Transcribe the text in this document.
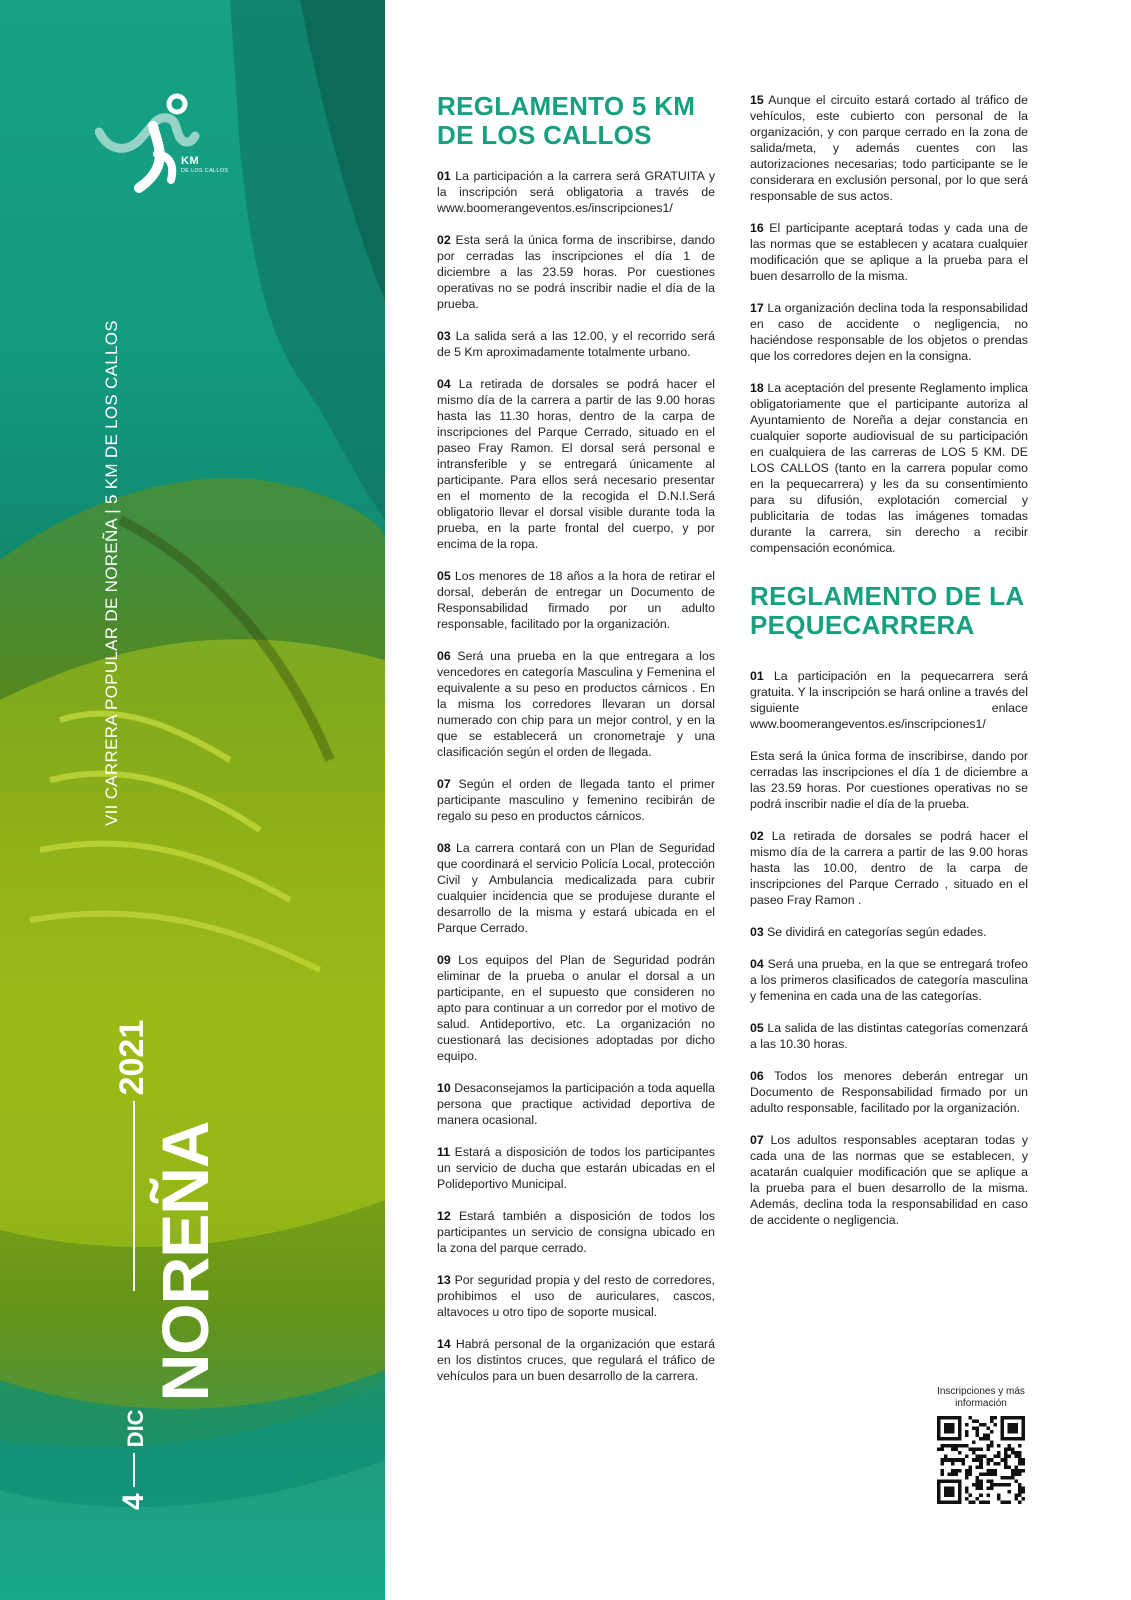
KM
DE LOS CALLOS
VII CARRERA POPULAR DE NOREÑA | 5 KM DE LOS CALLOS
4
DIC
NOREÑA
2021
REGLAMENTO 5 KM DE LOS CALLOS

01 La participación a la carrera será GRATUITA y la inscripción será obligatoria a través de www.boomerangeventos.es/inscripciones1/

02 Esta será la única forma de inscribirse, dando por cerradas las inscripciones el día 1 de diciembre a las 23.59 horas. Por cuestiones operativas no se podrá inscribir nadie el día de la prueba.

03 La salida será a las 12.00, y el recorrido será de 5 Km aproximadamente totalmente urbano.

04 La retirada de dorsales se podrá hacer el mismo día de la carrera a partir de las 9.00 horas hasta las 11.30 horas, dentro de la carpa de inscripciones del Parque Cerrado, situado en el paseo Fray Ramon. El dorsal será personal e intransferible y se entregará únicamente al participante. Para ellos será necesario presentar en el momento de la recogida el D.N.I.Será obligatorio llevar el dorsal visible durante toda la prueba, en la parte frontal del cuerpo, y por encima de la ropa.

05 Los menores de 18 años a la hora de retirar el dorsal, deberán de entregar un Documento de Responsabilidad firmado por un adulto responsable, facilitado por la organización.

06 Será una prueba en la que entregara a los vencedores en categoría Masculina y Femenina el equivalente a su peso en productos cárnicos . En la misma los corredores llevaran un dorsal numerado con chip para un mejor control, y en la que se establecerá un cronometraje y una clasificación según el orden de llegada.

07 Según el orden de llegada tanto el primer participante masculino y femenino recibirán de regalo su peso en productos cárnicos.

08 La carrera contará con un Plan de Seguridad que coordinará el servicio Policía Local, protección Civil y Ambulancia medicalizada para cubrir cualquier incidencia que se produjese durante el desarrollo de la misma y estará ubicada en el Parque Cerrado.

09 Los equipos del Plan de Seguridad podrán eliminar de la prueba o anular el dorsal a un participante, en el supuesto que consideren no apto para continuar a un corredor por el motivo de salud. Antideportivo, etc. La organización no cuestionará las decisiones adoptadas por dicho equipo.

10 Desaconsejamos la participación a toda aquella persona que practique actividad deportiva de manera ocasional.

11 Estará a disposición de todos los participantes un servicio de ducha que estarán ubicadas en el Polideportivo Municipal.

12 Estará también a disposición de todos los participantes un servicio de consigna ubicado en la zona del parque cerrado.

13 Por seguridad propia y del resto de corredores, prohibimos el uso de auriculares, cascos, altavoces u otro tipo de soporte musical.

14 Habrá personal de la organización que estará en los distintos cruces, que regulará el tráfico de vehículos para un buen desarrollo de la carrera.

15 Aunque el circuito estará cortado al tráfico de vehículos, este cubierto con personal de la organización, y con parque cerrado en la zona de salida/meta, y además cuentes con las autorizaciones necesarias; todo participante se le considerara en exclusión personal, por lo que será responsable de sus actos.

16 El participante aceptará todas y cada una de las normas que se establecen y acatara cualquier modificación que se aplique a la prueba para el buen desarrollo de la misma.

17 La organización declina toda la responsabilidad en caso de accidente o negligencia, no haciéndose responsable de los objetos o prendas que los corredores dejen en la consigna.

18 La aceptación del presente Reglamento implica obligatoriamente que el participante autoriza al Ayuntamiento de Noreña a dejar constancia en cualquier soporte audiovisual de su participación en cualquiera de las carreras de LOS 5 KM. DE LOS CALLOS (tanto en la carrera popular como en la pequecarrera) y les da su consentimiento para su difusión, explotación comercial y publicitaria de todas las imágenes tomadas durante la carrera, sin derecho a recibir compensación económica.

REGLAMENTO DE LA PEQUECARRERA

01 La participación en la pequecarrera será gratuita. Y la inscripción se hará online a través del siguiente enlace www.boomerangeventos.es/inscripciones1/

Esta será la única forma de inscribirse, dando por cerradas las inscripciones el día 1 de diciembre a las 23.59 horas. Por cuestiones operativas no se podrá inscribir nadie el día de la prueba.

02 La retirada de dorsales se podrá hacer el mismo día de la carrera a partir de las 9.00 horas hasta las 10.00, dentro de la carpa de inscripciones del Parque Cerrado , situado en el paseo Fray Ramon .

03 Se dividirá en categorías según edades.

04 Será una prueba, en la que se entregará trofeo a los primeros clasificados de categoría masculina y femenina en cada una de las categorías.

05 La salida de las distintas categorías comenzará a las 10.30 horas.

06 Todos los menores deberán entregar un Documento de Responsabilidad firmado por un adulto responsable, facilitado por la organización.

07 Los adultos responsables aceptaran todas y cada una de las normas que se establecen, y acatarán cualquier modificación que se aplique a la prueba para el buen desarrollo de la misma. Además, declina toda la responsabilidad en caso de accidente o negligencia.

Inscripciones y más información
